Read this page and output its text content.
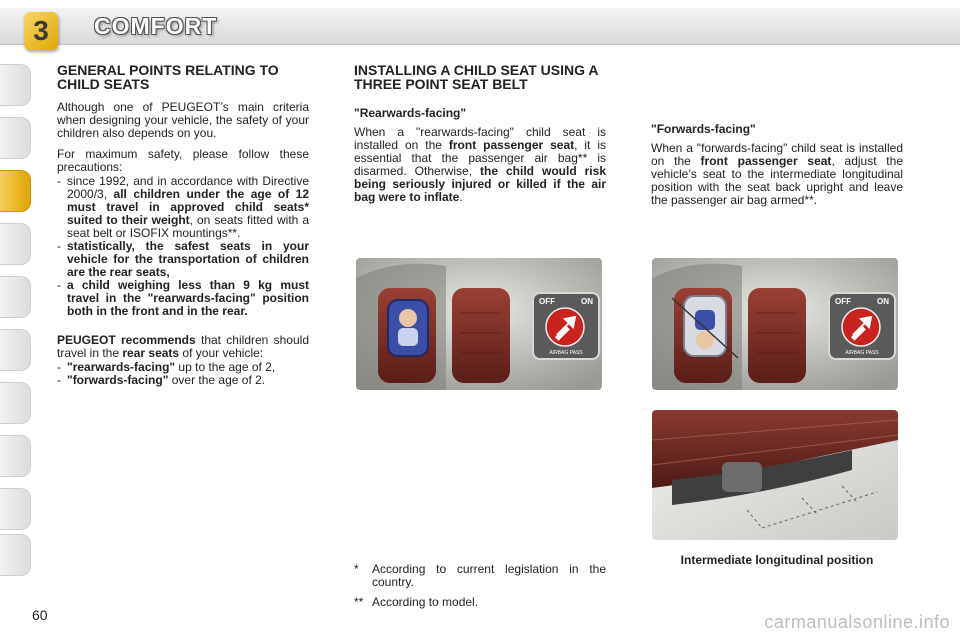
3 COMFORT
GENERAL POINTS RELATING TO CHILD SEATS

Although one of PEUGEOT’s main criteria when designing your vehicle, the safety of your children also depends on you.

For maximum safety, please follow these precautions:

- since 1992, and in accordance with Directive 2000/3, all children under the age of 12 must travel in approved child seats* suited to their weight, on seats fitted with a seat belt or ISOFIX mountings**.
- statistically, the safest seats in your vehicle for the transportation of children are the rear seats,
- a child weighing less than 9 kg must travel in the "rearwards-facing" position both in the front and in the rear.

PEUGEOT recommends that children should travel in the rear seats of your vehicle:

- "rearwards-facing" up to the age of 2,
- "forwards-facing" over the age of 2.
INSTALLING A CHILD SEAT USING A THREE POINT SEAT BELT
"Rearwards-facing"

When a "rearwards-facing" child seat is installed on the front passenger seat, it is essential that the passenger air bag** is disarmed. Otherwise, the child would risk being seriously injured or killed if the air bag were to inflate.

"Forwards-facing"

When a "forwards-facing" child seat is installed on the front passenger seat, adjust the vehicle’s seat to the intermediate longitudinal position with the seat back upright and leave the passenger air bag armed**.

OFF	ON
AIRBAG PASS
OFF	ON
AIRBAG PASS
Intermediate longitudinal position
*	According to current legislation in the country.
** According to model.
60	carmanualsonline.info
